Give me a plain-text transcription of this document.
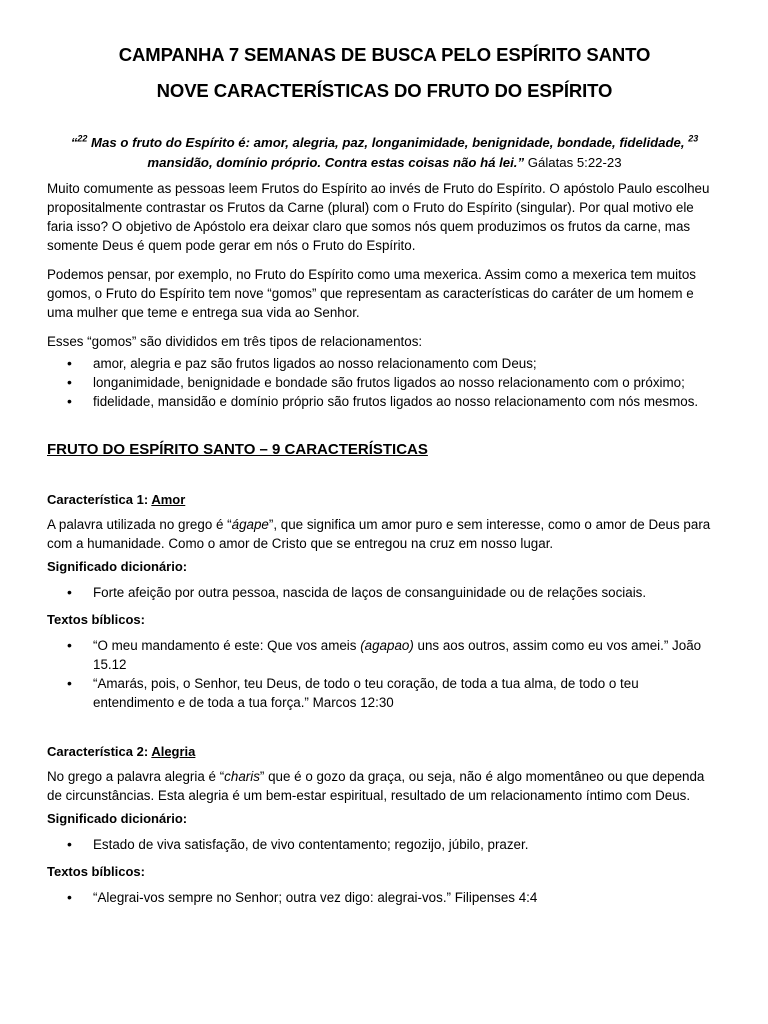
CAMPANHA 7 SEMANAS DE BUSCA PELO ESPÍRITO SANTO
NOVE CARACTERÍSTICAS DO FRUTO DO ESPÍRITO

“$^{22}$ Mas o fruto do Espírito é: amor, alegria, paz, longanimidade, benignidade, bondade, fidelidade, $^{23}$ mansidão, domínio próprio. Contra estas coisas não há lei.” Gálatas 5:22-23

Muito comumente as pessoas leem Frutos do Espírito ao invés de Fruto do Espírito. O apóstolo Paulo escolheu propositalmente contrastar os Frutos da Carne (plural) com o Fruto do Espírito (singular). Por qual motivo ele faria isso? O objetivo de Apóstolo era deixar claro que somos nós quem produzimos os frutos da carne, mas somente Deus é quem pode gerar em nós o Fruto do Espírito.

Podemos pensar, por exemplo, no Fruto do Espírito como uma mexerica. Assim como a mexerica tem muitos gomos, o Fruto do Espírito tem nove “gomos” que representam as características do caráter de um homem e uma mulher que teme e entrega sua vida ao Senhor.

Esses “gomos” são divididos em três tipos de relacionamentos:

• amor, alegria e paz são frutos ligados ao nosso relacionamento com Deus;
• longanimidade, benignidade e bondade são frutos ligados ao nosso relacionamento com o próximo;
• fidelidade, mansidão e domínio próprio são frutos ligados ao nosso relacionamento com nós mesmos.
FRUTO DO ESPÍRITO SANTO – 9 CARACTERÍSTICAS
Característica 1: Amor

A palavra utilizada no grego é “ágape”, que significa um amor puro e sem interesse, como o amor de Deus para com a humanidade. Como o amor de Cristo que se entregou na cruz em nosso lugar.

Significado dicionário:
• Forte afeição por outra pessoa, nascida de laços de consanguinidade ou de relações sociais.
Textos bíblicos:
• “O meu mandamento é este: Que vos ameis (agapao) uns aos outros, assim como eu vos amei.” João 15.12
• “Amarás, pois, o Senhor, teu Deus, de todo o teu coração, de toda a tua alma, de todo o teu entendimento e de toda a tua força.” Marcos 12:30
Característica 2: Alegria

No grego a palavra alegria é “charis” que é o gozo da graça, ou seja, não é algo momentâneo ou que dependa de circunstâncias. Esta alegria é um bem-estar espiritual, resultado de um relacionamento íntimo com Deus.

Significado dicionário:
• Estado de viva satisfação, de vivo contentamento; regozijo, júbilo, prazer.
Textos bíblicos:
• “Alegrai-vos sempre no Senhor; outra vez digo: alegrai-vos.” Filipenses 4:4
